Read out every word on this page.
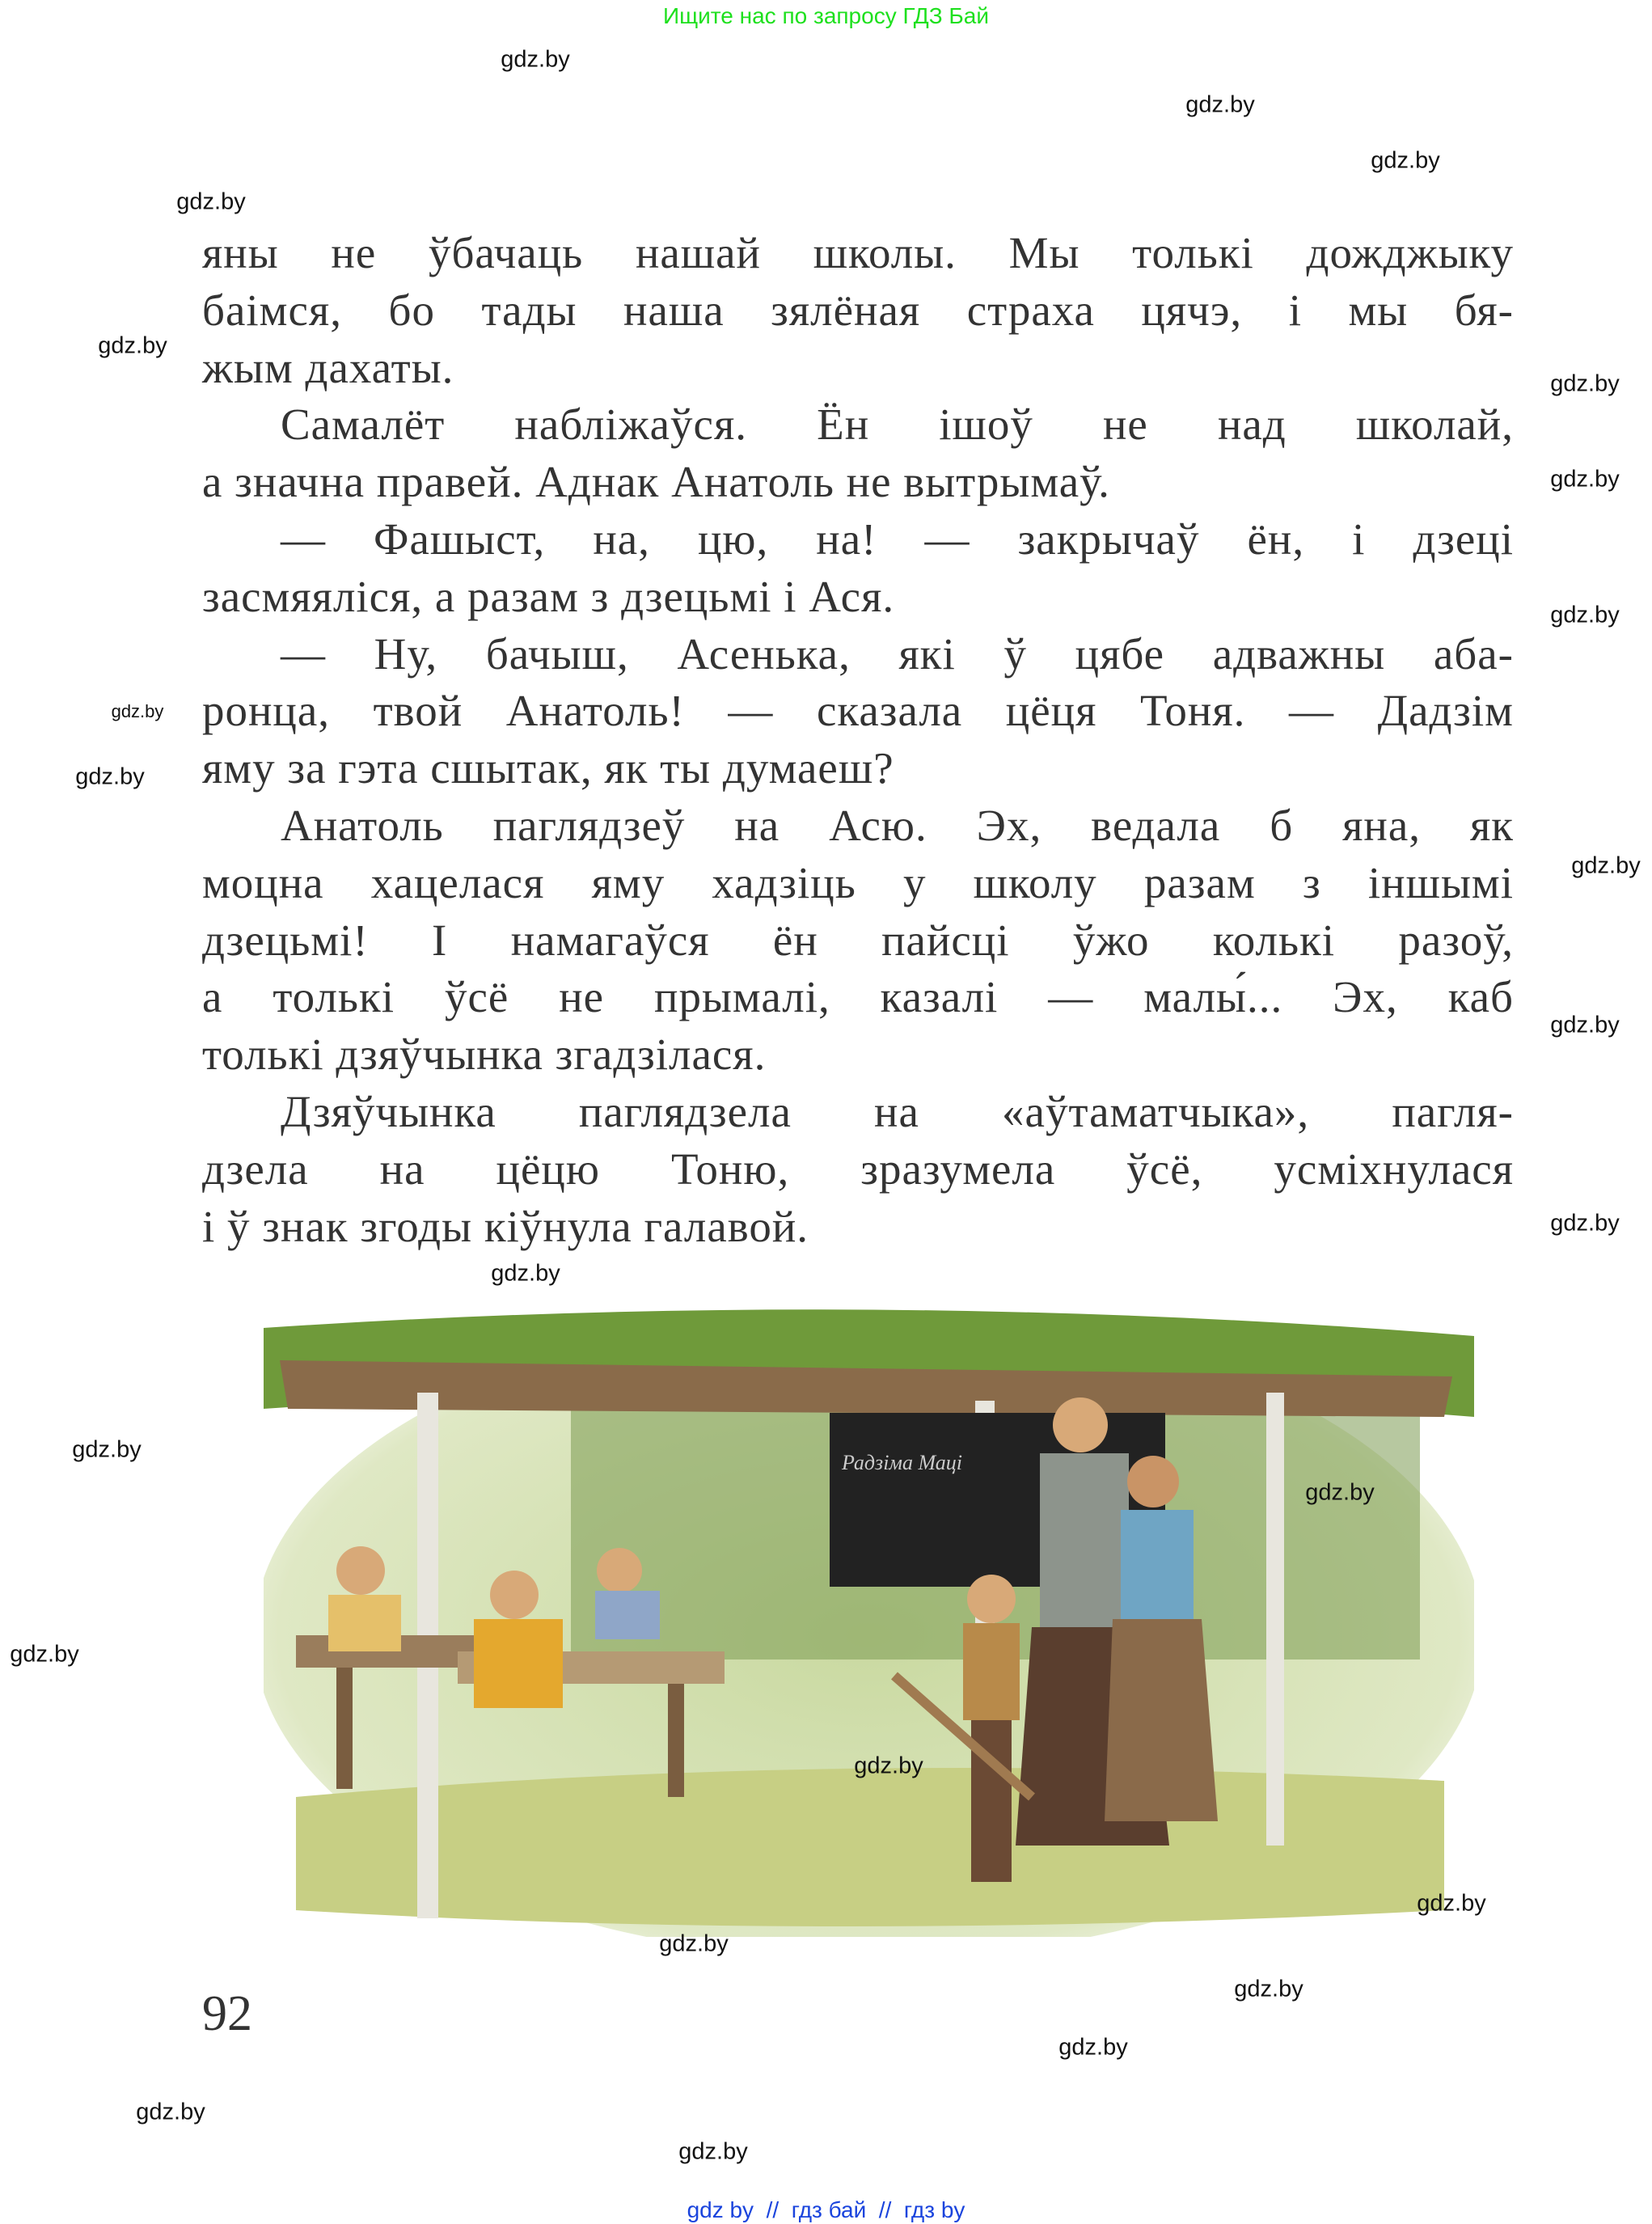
Ищите нас по запросу ГДЗ Бай
яны не ўбачаць нашай школы. Мы толькі дожджыку
баімся, бо тады наша зялёная страха цячэ, і мы бя-
жым дахаты.
Самалёт набліжаўся. Ён ішоў не над школай,
а значна правей. Аднак Анатоль не вытрымаў.
— Фашыст, на, цю, на! — закрычаў ён, і дзеці
засмяяліся, а разам з дзецьмі і Ася.
— Ну, бачыш, Асенька, які ў цябе адважны аба-
ронца, твой Анатоль! — сказала цёця Тоня. — Дадзім
яму за гэта сшытак, як ты думаеш?
Анатоль паглядзеў на Асю. Эх, ведала б яна, як
моцна хацелася яму хадзіць у школу разам з іншымі
дзецьмі! І намагаўся ён пайсці ўжо колькі разоў,
а толькі ўсё не прымалі, казалі — малы́... Эх, каб
толькі дзяўчынка згадзілася.
Дзяўчынка паглядзела на «аўтаматчыка», пагля-
дзела на цёцю Тоню, зразумела ўсё, усміхнулася
і ў знак згоды кіўнула галавой.
Радзіма Маці
92
gdz.by
gdz.by
gdz.by
gdz.by
gdz.by
gdz.by
gdz.by
gdz.by
gdz.by
gdz.by
gdz.by
gdz.by
gdz.by
gdz.by
gdz.by
gdz.by
gdz.by
gdz.by
gdz.by
gdz.by
gdz.by
gdz.by
gdz.by
gdz.by
gdz by  //  гдз бай  //  гдз by
